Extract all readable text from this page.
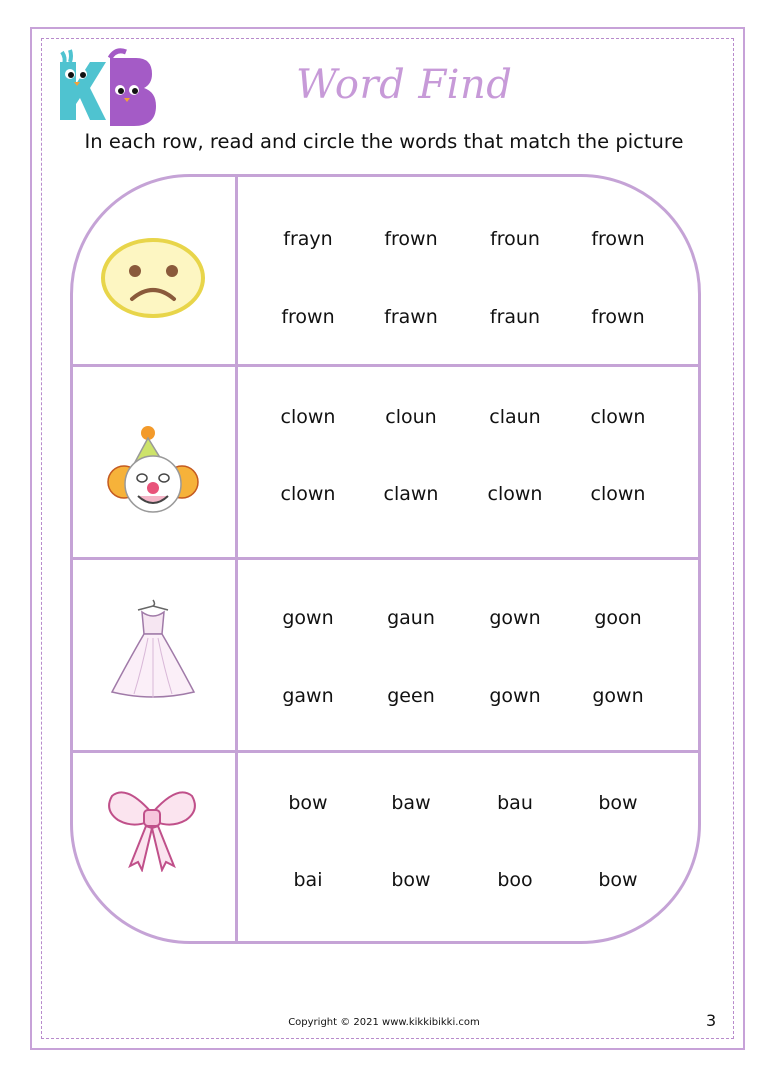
Word Find
In each row, read and circle the words that match the picture
frayn	frown	froun	frown
frown	frawn	fraun	frown
clown	cloun	claun	clown
clown	clawn	clown	clown
gown	gaun	gown	goon
gawn	geen	gown	gown
bow	baw	bau	bow
bai	bow	boo	bow
Copyright © 2021 www.kikkibikki.com	3
